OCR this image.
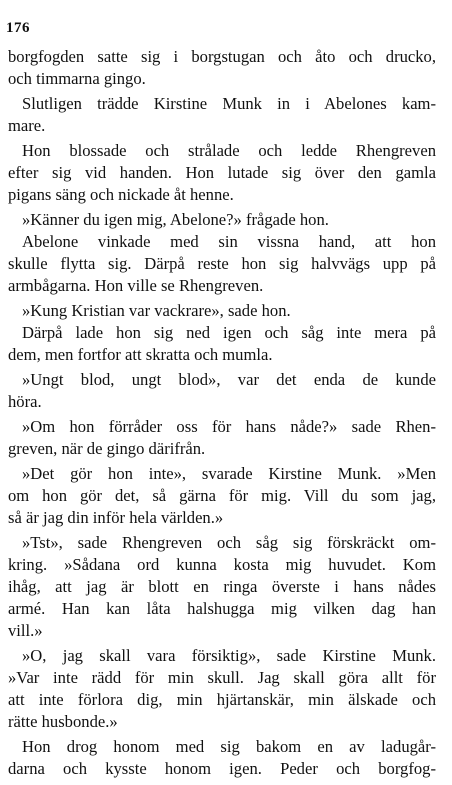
176
borgfogden satte sig i borgstugan och åto och drucko,
och timmarna gingo.
Slutligen trädde Kirstine Munk in i Abelones kam-
mare.
Hon blossade och strålade och ledde Rhengreven
efter sig vid handen. Hon lutade sig över den gamla
pigans säng och nickade åt henne.
»Känner du igen mig, Abelone?» frågade hon.
Abelone vinkade med sin vissna hand, att hon
skulle flytta sig. Därpå reste hon sig halvvägs upp på
armbågarna. Hon ville se Rhengreven.
»Kung Kristian var vackrare», sade hon.
Därpå lade hon sig ned igen och såg inte mera på
dem, men fortfor att skratta och mumla.
»Ungt blod, ungt blod», var det enda de kunde
höra.
»Om hon förråder oss för hans nåde?» sade Rhen-
greven, när de gingo därifrån.
»Det gör hon inte», svarade Kirstine Munk. »Men
om hon gör det, så gärna för mig. Vill du som jag,
så är jag din inför hela världen.»
»Tst», sade Rhengreven och såg sig förskräckt om-
kring. »Sådana ord kunna kosta mig huvudet. Kom
ihåg, att jag är blott en ringa överste i hans nådes
armé. Han kan låta halshugga mig vilken dag han
vill.»
»O, jag skall vara försiktig», sade Kirstine Munk.
»Var inte rädd för min skull. Jag skall göra allt för
att inte förlora dig, min hjärtanskär, min älskade och
rätte husbonde.»
Hon drog honom med sig bakom en av ladugår-
darna och kysste honom igen. Peder och borgfog-
